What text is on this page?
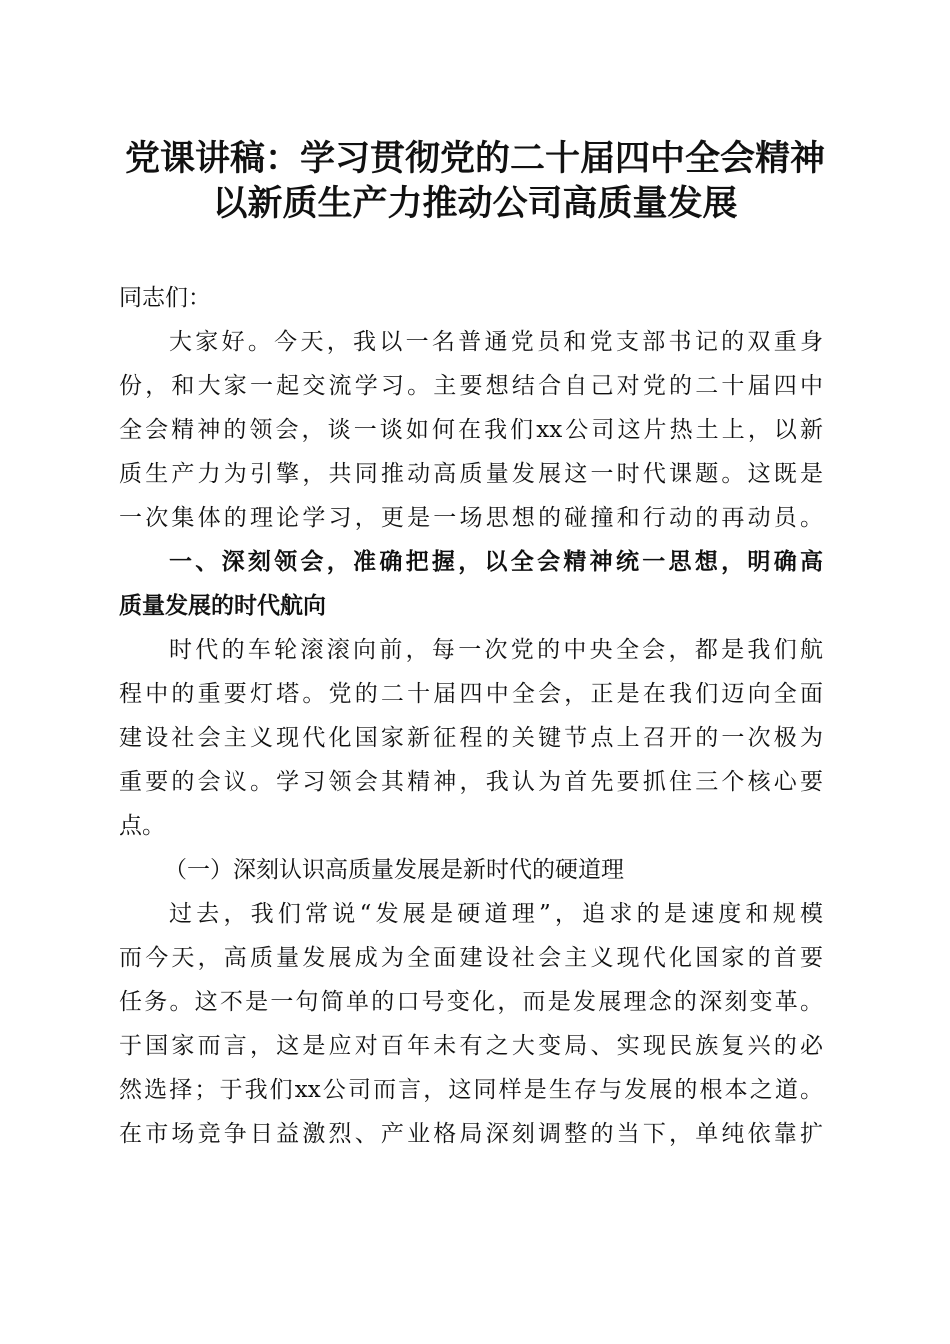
党课讲稿：学习贯彻党的二十届四中全会精神
以新质生产力推动公司高质量发展
同志们：
大家好。今天，我以一名普通党员和党支部书记的双重身
份，和大家一起交流学习。主要想结合自己对党的二十届四中
全会精神的领会，谈一谈如何在我们xx公司这片热土上，以新
质生产力为引擎，共同推动高质量发展这一时代课题。这既是
一次集体的理论学习，更是一场思想的碰撞和行动的再动员。
一、深刻领会，准确把握，以全会精神统一思想，明确高
质量发展的时代航向
时代的车轮滚滚向前，每一次党的中央全会，都是我们航
程中的重要灯塔。党的二十届四中全会，正是在我们迈向全面
建设社会主义现代化国家新征程的关键节点上召开的一次极为
重要的会议。学习领会其精神，我认为首先要抓住三个核心要
点。
（一）深刻认识高质量发展是新时代的硬道理
过去，我们常说“发展是硬道理”，追求的是速度和规模
而今天，高质量发展成为全面建设社会主义现代化国家的首要
任务。这不是一句简单的口号变化，而是发展理念的深刻变革。
于国家而言，这是应对百年未有之大变局、实现民族复兴的必
然选择；于我们xx公司而言，这同样是生存与发展的根本之道。
在市场竞争日益激烈、产业格局深刻调整的当下，单纯依靠扩
